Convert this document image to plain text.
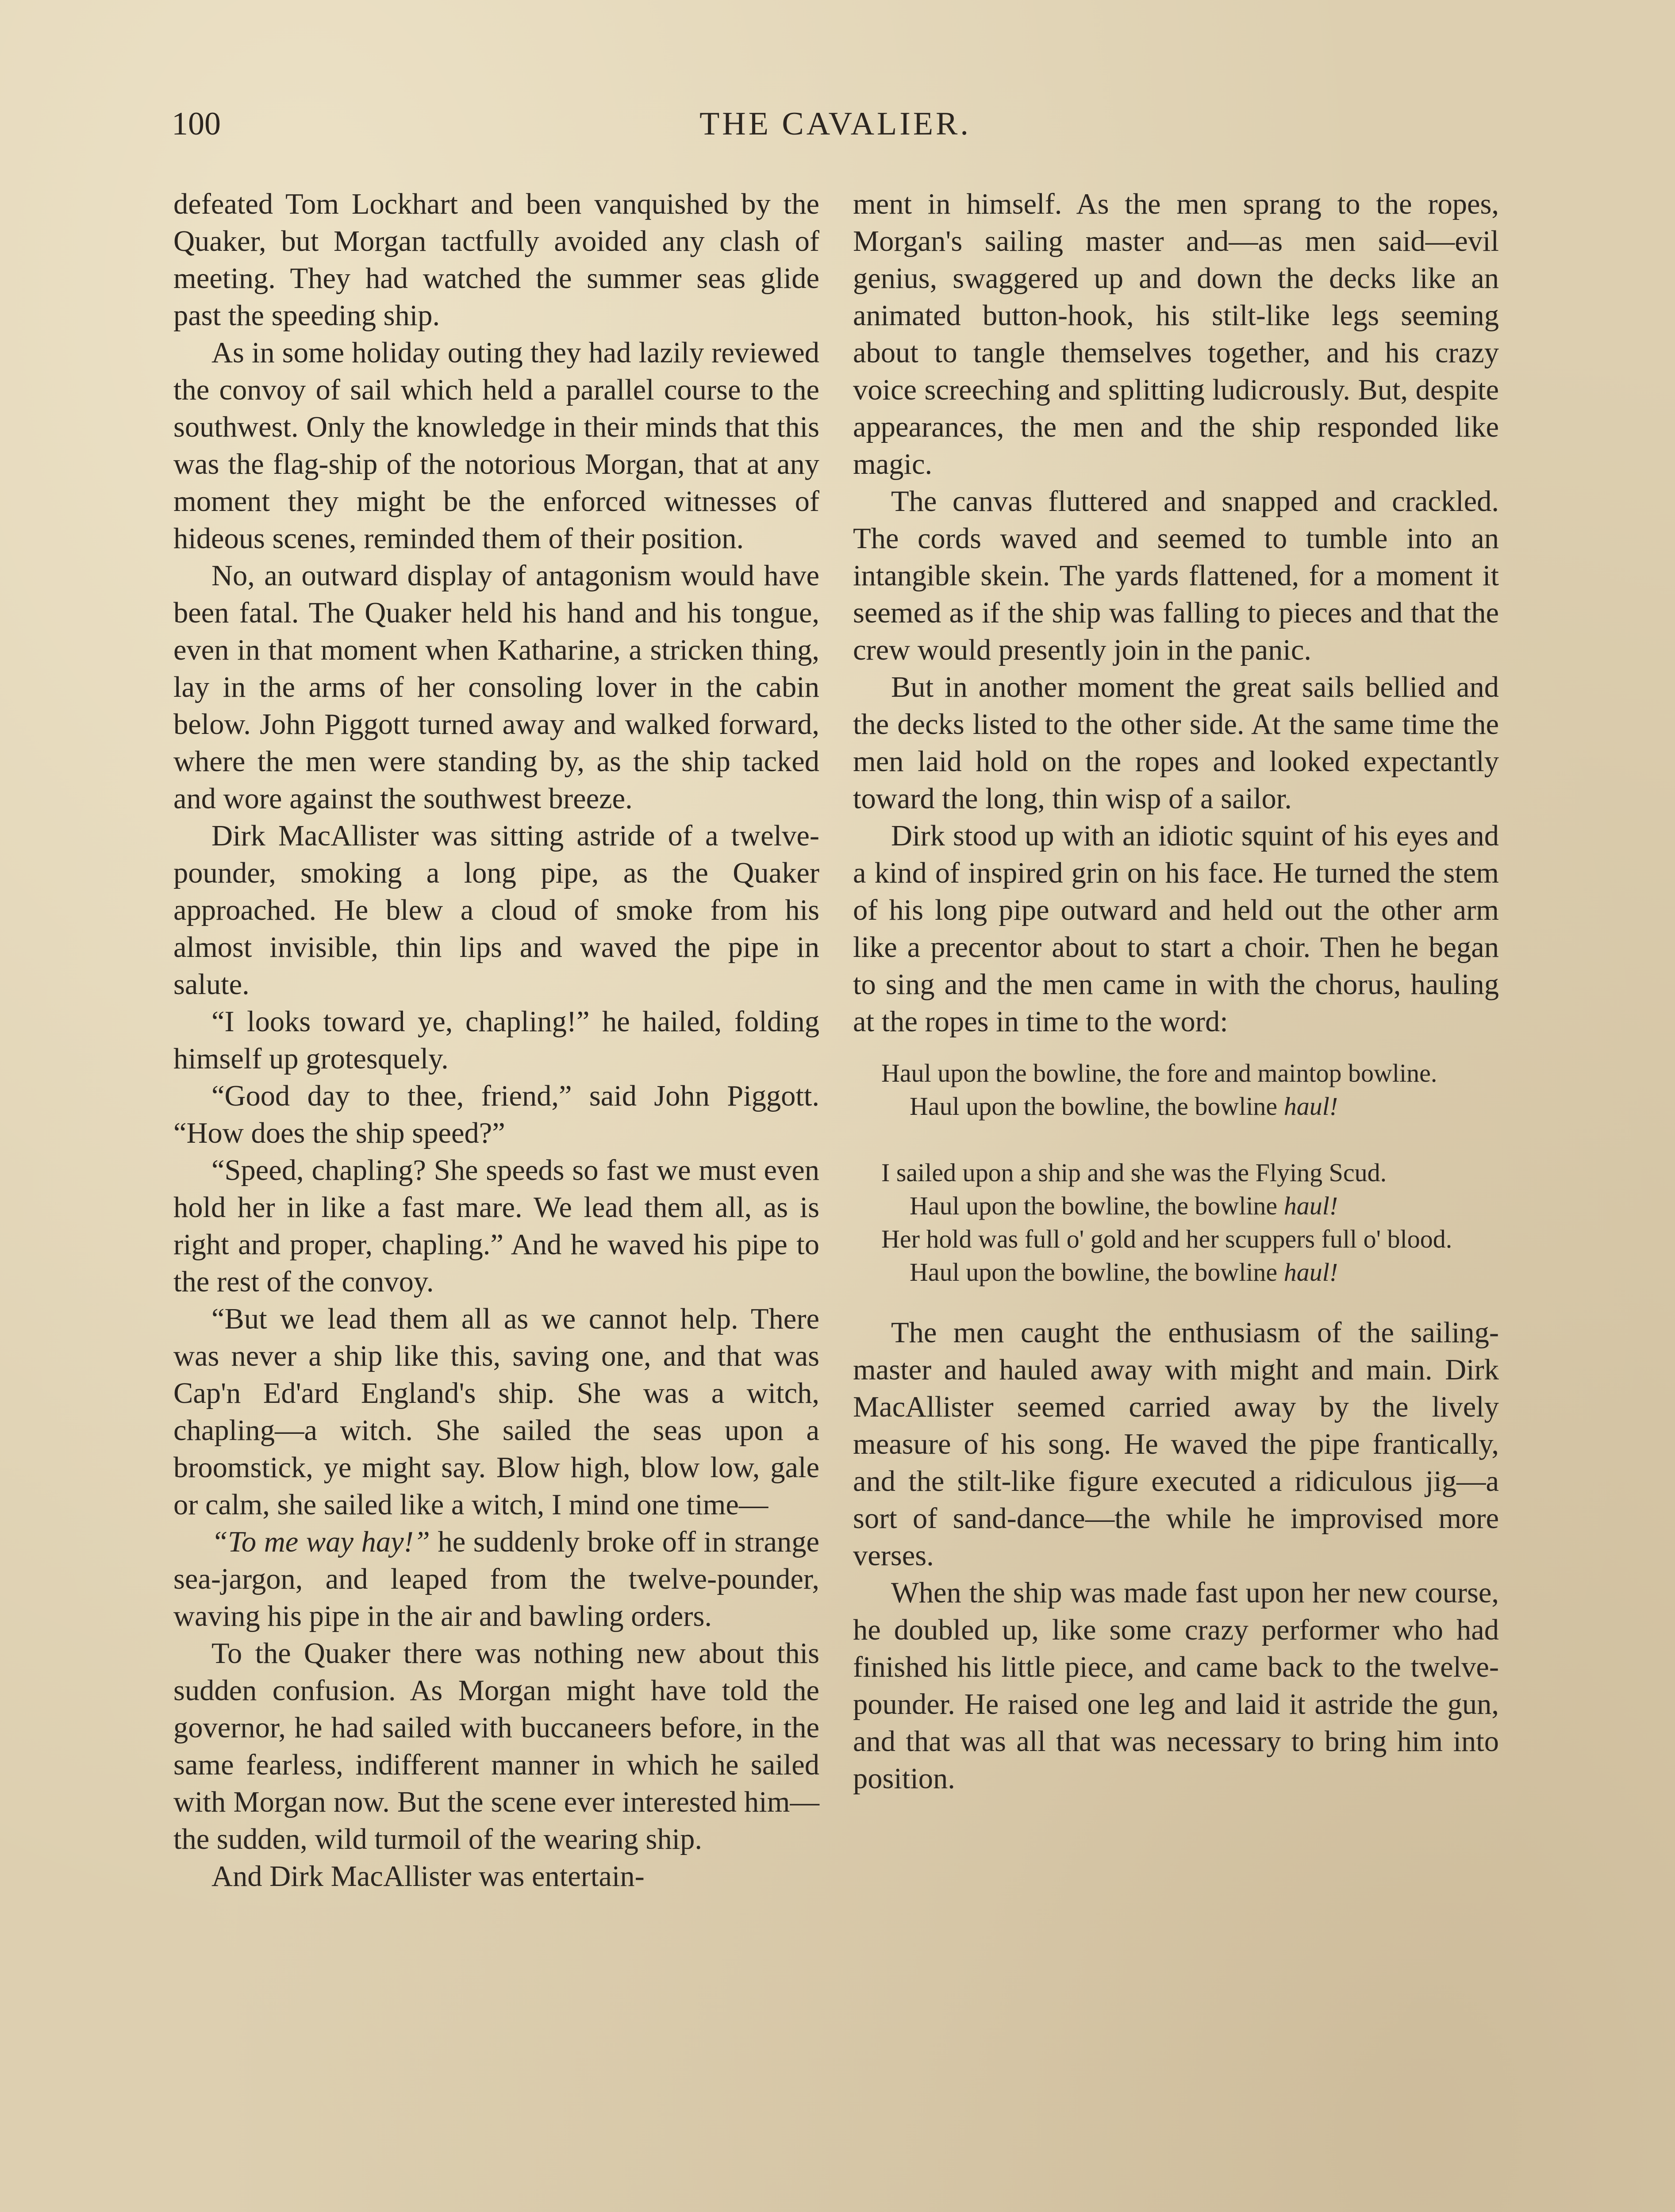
100	THE CAVALIER.

defeated Tom Lockhart and been vanquished by the Quaker, but Morgan tactfully avoided any clash of meeting. They had watched the summer seas glide past the speeding ship.

As in some holiday outing they had lazily reviewed the convoy of sail which held a parallel course to the southwest. Only the knowledge in their minds that this was the flag-ship of the notorious Morgan, that at any moment they might be the enforced witnesses of hideous scenes, reminded them of their position.

No, an outward display of antagonism would have been fatal. The Quaker held his hand and his tongue, even in that moment when Katharine, a stricken thing, lay in the arms of her consoling lover in the cabin below. John Piggott turned away and walked forward, where the men were standing by, as the ship tacked and wore against the southwest breeze.

Dirk MacAllister was sitting astride of a twelve-pounder, smoking a long pipe, as the Quaker approached. He blew a cloud of smoke from his almost invisible, thin lips and waved the pipe in salute.

“I looks toward ye, chapling!” he hailed, folding himself up grotesquely.

“Good day to thee, friend,” said John Piggott. “How does the ship speed?”

“Speed, chapling? She speeds so fast we must even hold her in like a fast mare. We lead them all, as is right and proper, chapling.” And he waved his pipe to the rest of the convoy.

“But we lead them all as we cannot help. There was never a ship like this, saving one, and that was Cap'n Ed'ard England's ship. She was a witch, chapling—a witch. She sailed the seas upon a broomstick, ye might say. Blow high, blow low, gale or calm, she sailed like a witch, I mind one time—

“To me way hay!” he suddenly broke off in strange sea-jargon, and leaped from the twelve-pounder, waving his pipe in the air and bawling orders.

To the Quaker there was nothing new about this sudden confusion. As Morgan might have told the governor, he had sailed with buccaneers before, in the same fearless, indifferent manner in which he sailed with Morgan now. But the scene ever interested him—the sudden, wild turmoil of the wearing ship.

And Dirk MacAllister was entertain-

ment in himself. As the men sprang to the ropes, Morgan's sailing master and—as men said—evil genius, swaggered up and down the decks like an animated button-hook, his stilt-like legs seeming about to tangle themselves together, and his crazy voice screeching and splitting ludicrously. But, despite appearances, the men and the ship responded like magic.

The canvas fluttered and snapped and crackled. The cords waved and seemed to tumble into an intangible skein. The yards flattened, for a moment it seemed as if the ship was falling to pieces and that the crew would presently join in the panic.

But in another moment the great sails bellied and the decks listed to the other side. At the same time the men laid hold on the ropes and looked expectantly toward the long, thin wisp of a sailor.

Dirk stood up with an idiotic squint of his eyes and a kind of inspired grin on his face. He turned the stem of his long pipe outward and held out the other arm like a precentor about to start a choir. Then he began to sing and the men came in with the chorus, hauling at the ropes in time to the word:

Haul upon the bowline, the fore and maintop bowline.
Haul upon the bowline, the bowline haul!
I sailed upon a ship and she was the Flying Scud.
Haul upon the bowline, the bowline haul!
Her hold was full o' gold and her scuppers full o' blood.
Haul upon the bowline, the bowline haul!

The men caught the enthusiasm of the sailing-master and hauled away with might and main. Dirk MacAllister seemed carried away by the lively measure of his song. He waved the pipe frantically, and the stilt-like figure executed a ridiculous jig—a sort of sand-dance—the while he improvised more verses.

When the ship was made fast upon her new course, he doubled up, like some crazy performer who had finished his little piece, and came back to the twelve-pounder. He raised one leg and laid it astride the gun, and that was all that was necessary to bring him into position.
